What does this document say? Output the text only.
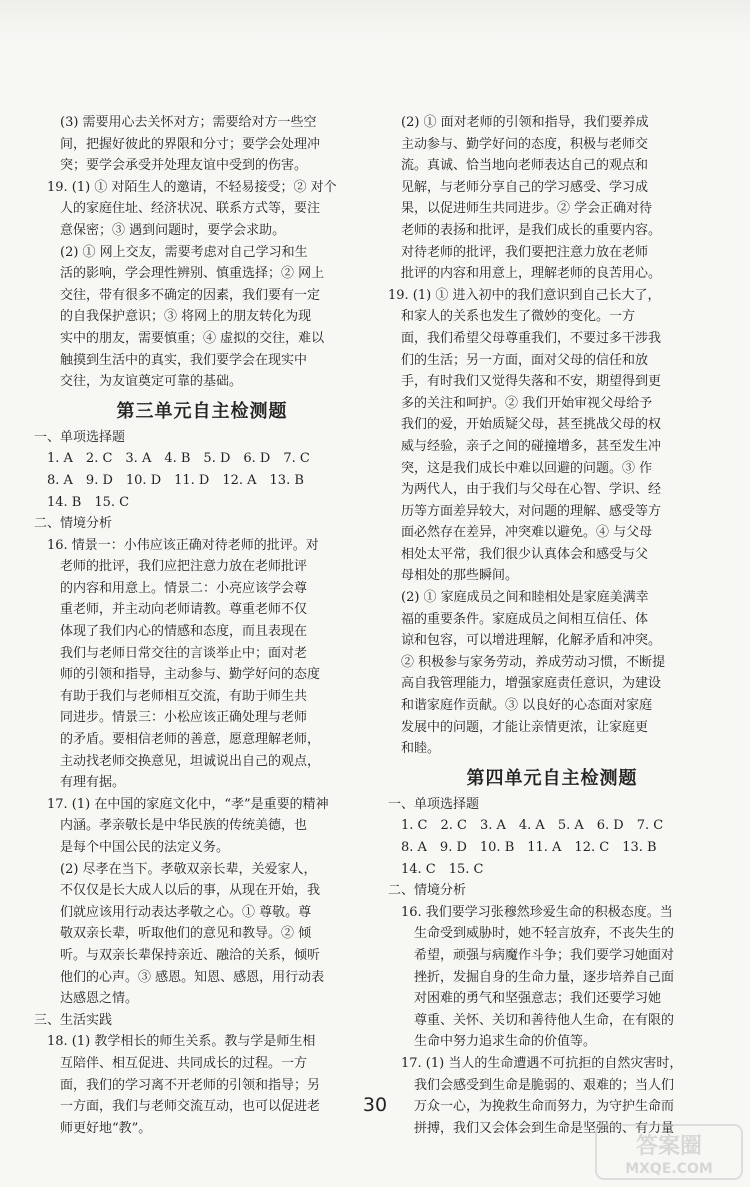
　　(3) 需要用心去关怀对方；需要给对方一些空
　　间，把握好彼此的界限和分寸；要学会处理冲
　　突；要学会承受并处理友谊中受到的伤害。
　19. (1) ① 对陌生人的邀请，不轻易接受；② 对个
　　人的家庭住址、经济状况、联系方式等，要注
　　意保密；③ 遇到问题时，要学会求助。
　　(2) ① 网上交友，需要考虑对自己学习和生
　　活的影响，学会理性辨别、慎重选择；② 网上
　　交往，带有很多不确定的因素，我们要有一定
　　的自我保护意识；③ 将网上的朋友转化为现
　　实中的朋友，需要慎重；④ 虚拟的交往，难以
　　触摸到生活中的真实，我们要学会在现实中
　　交往，为友谊奠定可靠的基础。
第三单元自主检测题
一、单项选择题
　1. A　2. C　3. A　4. B　5. D　6. D　7. C
　8. A　9. D　10. D　11. D　12. A　13. B
　14. B　15. C
二、情境分析
　16. 情景一：小伟应该正确对待老师的批评。对
　　老师的批评，我们应把注意力放在老师批评
　　的内容和用意上。情景二：小亮应该学会尊
　　重老师，并主动向老师请教。尊重老师不仅
　　体现了我们内心的情感和态度，而且表现在
　　我们与老师日常交往的言谈举止中；面对老
　　师的引领和指导，主动参与、勤学好问的态度
　　有助于我们与老师相互交流，有助于师生共
　　同进步。情景三：小松应该正确处理与老师
　　的矛盾。要相信老师的善意，愿意理解老师，
　　主动找老师交换意见，坦诚说出自己的观点，
　　有理有据。
　17. (1) 在中国的家庭文化中，“孝”是重要的精神
　　内涵。孝亲敬长是中华民族的传统美德，也
　　是每个中国公民的法定义务。
　　(2) 尽孝在当下。孝敬双亲长辈，关爱家人，
　　不仅仅是长大成人以后的事，从现在开始，我
　　们就应该用行动表达孝敬之心。① 尊敬。尊
　　敬双亲长辈，听取他们的意见和教导。② 倾
　　听。与双亲长辈保持亲近、融洽的关系，倾听
　　他们的心声。③ 感恩。知恩、感恩，用行动表
　　达感恩之情。
三、生活实践
　18. (1) 教学相长的师生关系。教与学是师生相
　　互陪伴、相互促进、共同成长的过程。一方
　　面，我们的学习离不开老师的引领和指导；另
　　一方面，我们与老师交流互动，也可以促进老
　　师更好地“教”。
　(2) ① 面对老师的引领和指导，我们要养成
　主动参与、勤学好问的态度，积极与老师交
　流。真诚、恰当地向老师表达自己的观点和
　见解，与老师分享自己的学习感受、学习成
　果，以促进师生共同进步。② 学会正确对待
　老师的表扬和批评，是我们成长的重要内容。
　对待老师的批评，我们要把注意力放在老师
　批评的内容和用意上，理解老师的良苦用心。
19. (1) ① 进入初中的我们意识到自己长大了，
　和家人的关系也发生了微妙的变化。一方
　面，我们希望父母尊重我们，不要过多干涉我
　们的生活；另一方面，面对父母的信任和放
　手，有时我们又觉得失落和不安，期望得到更
　多的关注和呵护。② 我们开始审视父母给予
　我们的爱，开始质疑父母，甚至挑战父母的权
　威与经验，亲子之间的碰撞增多，甚至发生冲
　突，这是我们成长中难以回避的问题。③ 作
　为两代人，由于我们与父母在心智、学识、经
　历等方面差异较大，对问题的理解、感受等方
　面必然存在差异，冲突难以避免。④ 与父母
　相处太平常，我们很少认真体会和感受与父
　母相处的那些瞬间。
　(2) ① 家庭成员之间和睦相处是家庭美满幸
　福的重要条件。家庭成员之间相互信任、体
　谅和包容，可以增进理解，化解矛盾和冲突。
　② 积极参与家务劳动，养成劳动习惯，不断提
　高自我管理能力，增强家庭责任意识，为建设
　和谐家庭作贡献。③ 以良好的心态面对家庭
　发展中的问题，才能让亲情更浓，让家庭更
　和睦。
第四单元自主检测题
一、单项选择题
　1. C　2. C　3. A　4. A　5. A　6. D　7. C
　8. A　9. D　10. B　11. A　12. C　13. B
　14. C　15. C
二、情境分析
　16. 我们要学习张穆然珍爱生命的积极态度。当
　　生命受到威胁时，她不轻言放弃，不丧失生的
　　希望，顽强与病魔作斗争；我们要学习她面对
　　挫折，发掘自身的生命力量，逐步培养自己面
　　对困难的勇气和坚强意志；我们还要学习她
　　尊重、关怀、关切和善待他人生命，在有限的
　　生命中努力追求生命的价值等。
　17. (1) 当人的生命遭遇不可抗拒的自然灾害时，
　　我们会感受到生命是脆弱的、艰难的；当人们
　　万众一心，为挽救生命而努力，为守护生命而
　　拼搏，我们又会体会到生命是坚强的、有力量
30
答案圈
MXQE.COM
